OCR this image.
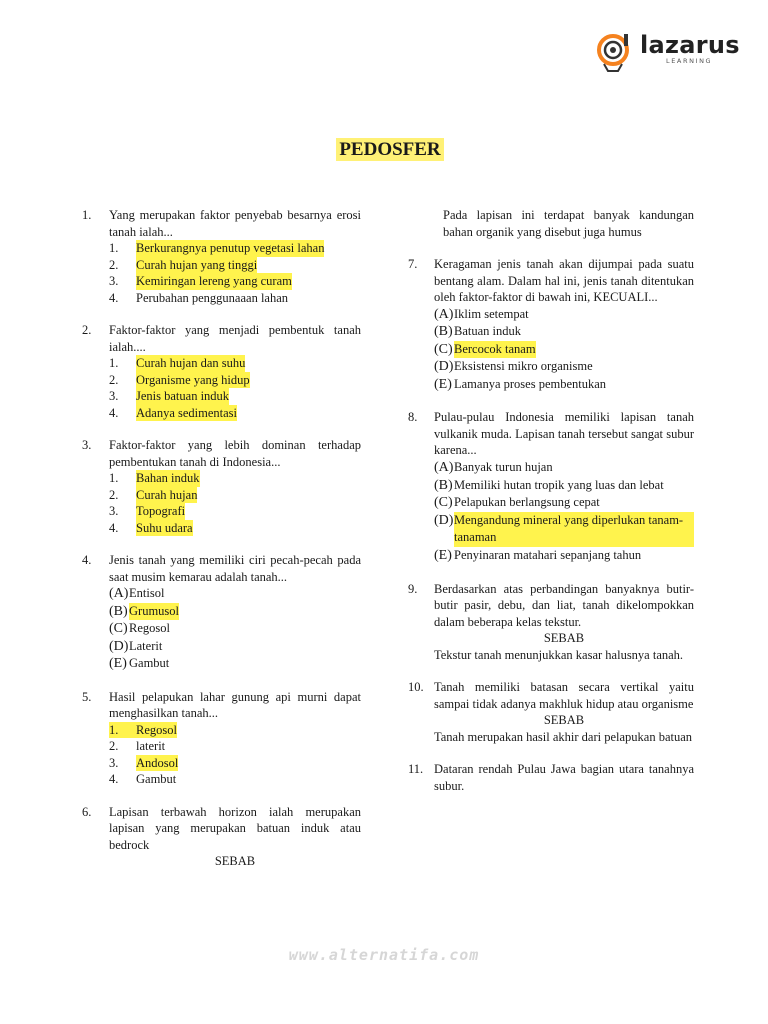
lazarus
LEARNING
PEDOSFER
1.	Yang merupakan faktor penyebab besarnya erosi tanah ialah...
1.	Berkurangnya penutup vegetasi lahan
2.	Curah hujan yang tinggi
3.	Kemiringan lereng yang curam
4.	Perubahan penggunaaan lahan
2.	Faktor-faktor yang menjadi pembentuk tanah ialah....
1.	Curah hujan dan suhu
2.	Organisme yang hidup
3.	Jenis batuan induk
4.	Adanya sedimentasi
3.	Faktor-faktor yang lebih dominan terhadap pembentukan tanah di Indonesia...
1.	Bahan induk
2.	Curah hujan
3.	Topografi
4.	Suhu udara
4.	Jenis tanah yang memiliki ciri pecah-pecah pada saat musim kemarau adalah tanah...
(A) Entisol
(B) Grumusol
(C) Regosol
(D) Laterit
(E) Gambut
5.	Hasil pelapukan lahar gunung api murni dapat menghasilkan tanah...
1.	Regosol
2.	laterit
3.	Andosol
4.	Gambut
6.	Lapisan terbawah horizon ialah merupakan lapisan yang merupakan batuan induk atau bedrock
SEBAB
Pada lapisan ini terdapat banyak kandungan bahan organik yang disebut juga humus
7.	Keragaman jenis tanah akan dijumpai pada suatu bentang alam. Dalam hal ini, jenis tanah ditentukan oleh faktor-faktor di bawah ini, KECUALI...
(A) Iklim setempat
(B) Batuan induk
(C) Bercocok tanam
(D) Eksistensi mikro organisme
(E) Lamanya proses pembentukan
8.	Pulau-pulau Indonesia memiliki lapisan tanah vulkanik muda. Lapisan tanah tersebut sangat subur karena...
(A) Banyak turun hujan
(B) Memiliki hutan tropik yang luas dan lebat
(C) Pelapukan berlangsung cepat
(D) Mengandung mineral yang diperlukan tanam-tanaman
(E) Penyinaran matahari sepanjang tahun
9.	Berdasarkan atas perbandingan banyaknya butir-butir pasir, debu, dan liat, tanah dikelompokkan dalam beberapa kelas tekstur.
SEBAB
Tekstur tanah menunjukkan kasar halusnya tanah.
10. Tanah memiliki batasan secara vertikal yaitu sampai tidak adanya makhluk hidup atau organisme
SEBAB
Tanah merupakan hasil akhir dari pelapukan batuan
11. Dataran rendah Pulau Jawa bagian utara tanahnya subur.
www.alternatifa.com
